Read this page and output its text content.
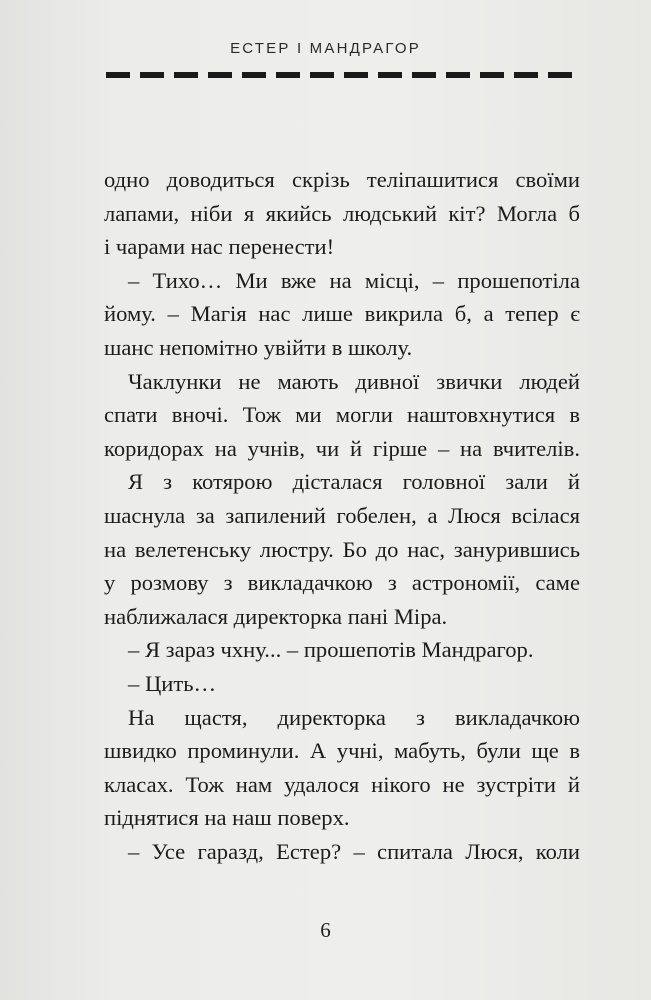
ЕСТЕР І МАНДРАГОР
одно доводиться скрізь теліпашитися своїми
лапами, ніби я якийсь людський кіт? Могла б
і чарами нас перенести!
– Тихо… Ми вже на місці, – прошепотіла
йому. – Магія нас лише викрила б, а тепер є
шанс непомітно увійти в школу.
Чаклунки не мають дивної звички людей
спати вночі. Тож ми могли наштовхнутися в
коридорах на учнів, чи й гірше – на вчителів.
Я з котярою дісталася головної зали й
шаснула за запилений гобелен, а Люся всілася
на велетенську люстру. Бо до нас, занурившись
у розмову з викладачкою з астрономії, саме
наближалася директорка пані Міра.
– Я зараз чхну... – прошепотів Мандрагор.
– Цить…
На щастя, директорка з викладачкою
швидко проминули. А учні, мабуть, були ще в
класах. Тож нам удалося нікого не зустріти й
піднятися на наш поверх.
– Усе гаразд, Естер? – спитала Люся, коли
6
